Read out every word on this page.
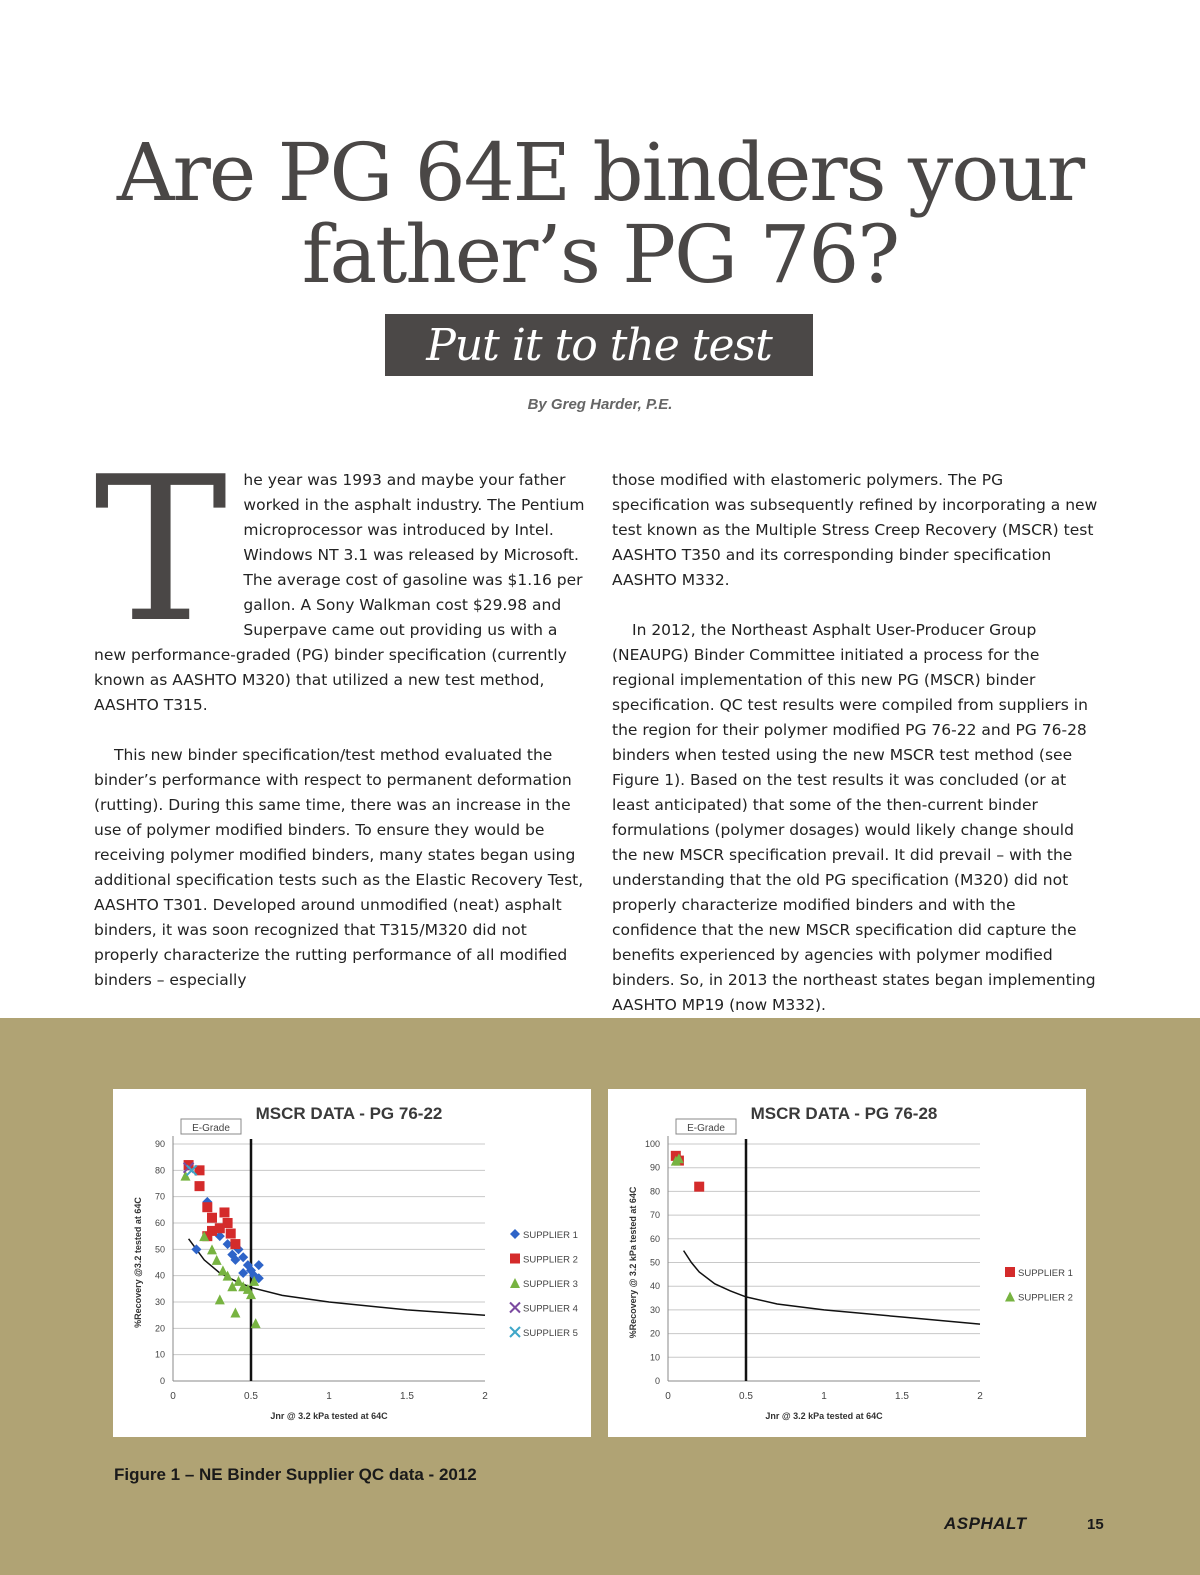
Are PG 64E binders your
father’s PG 76?
Put it to the test
By Greg Harder, P.E.

T he year was 1993 and maybe your father worked in the asphalt industry. The Pentium microprocessor was introduced by Intel. Windows NT 3.1 was released by Microsoft. The average cost of gasoline was $1.16 per gallon. A Sony Walkman cost $29.98 and Superpave came out providing us with a new performance-graded (PG) binder specification (currently known as AASHTO M320) that utilized a new test method, AASHTO T315.

This new binder specification/test method evaluated the binder’s performance with respect to permanent deformation (rutting). During this same time, there was an increase in the use of polymer modified binders. To ensure they would be receiving polymer modified binders, many states began using additional specification tests such as the Elastic Recovery Test, AASHTO T301. Developed around unmodified (neat) asphalt binders, it was soon recognized that T315/M320 did not properly characterize the rutting performance of all modified binders – especially

those modified with elastomeric polymers. The PG specification was subsequently refined by incorporating a new test known as the Multiple Stress Creep Recovery (MSCR) test AASHTO T350 and its corresponding binder specification AASHTO M332.

In 2012, the Northeast Asphalt User-Producer Group (NEAUPG) Binder Committee initiated a process for the regional implementation of this new PG (MSCR) binder specification. QC test results were compiled from suppliers in the region for their polymer modified PG 76-22 and PG 76-28 binders when tested using the new MSCR test method (see Figure 1). Based on the test results it was concluded (or at least anticipated) that some of the then-current binder formulations (polymer dosages) would likely change should the new MSCR specification prevail. It did prevail – with the understanding that the old PG specification (M320) did not properly characterize modified binders and with the confidence that the new MSCR specification did capture the benefits experienced by agencies with polymer modified binders. So, in 2013 the northeast states began implementing AASHTO MP19 (now M332).

MSCR DATA - PG 76-22
E-Grade
0
10
20
30
40
50
60
70
80
90
0	0.5	1	1.5	2
Jnr @ 3.2 kPa tested at 64C
%Recovery @3.2 tested at 64C	SUPPLIER 1
SUPPLIER 2
SUPPLIER 3
SUPPLIER 4
SUPPLIER 5
MSCR DATA - PG 76-28
E-Grade
0
10
20
30
40
50
60
70
80
90
100
0	0.5	1	1.5	2
Jnr @ 3.2 kPa tested at 64C
%Recovery @ 3.2 kPa tested at 64C	SUPPLIER 1
SUPPLIER 2
Figure 1 – NE Binder Supplier QC data - 2012
ASPHALT	15
